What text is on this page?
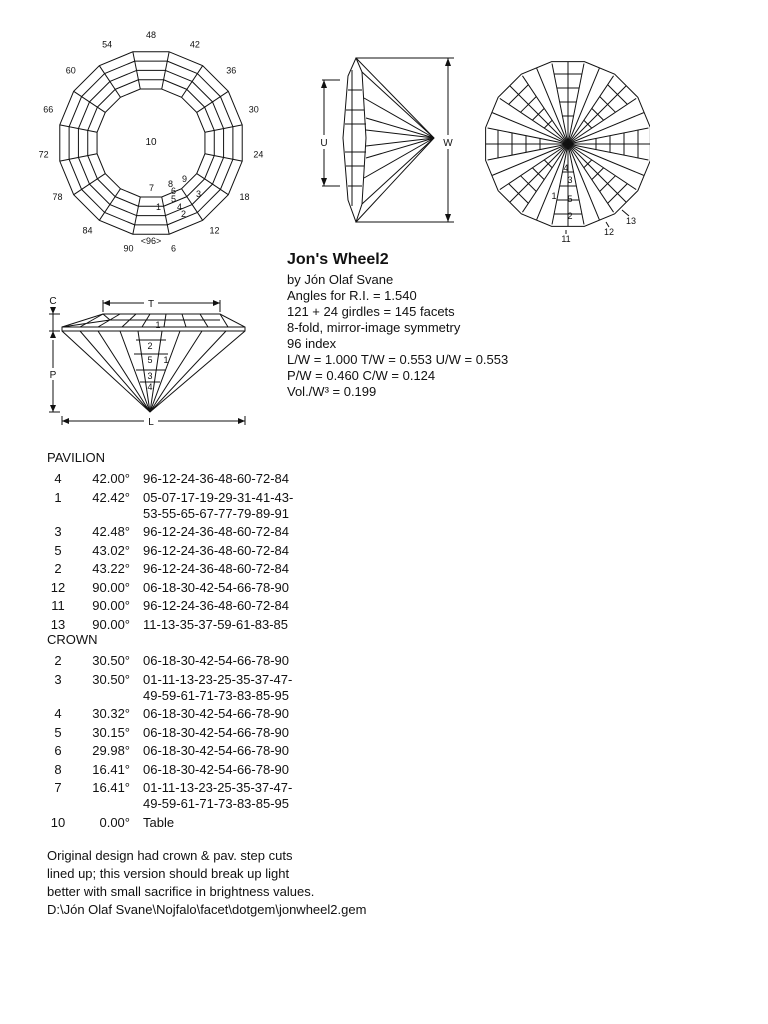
48
42
36
30
24
18
12
6
90
84
78
72
66
60
54
10
<96>
9
8
7 6
5
4
3
2
1
U	W
4
3
1 5
2
11
12
13
T
C
P
L
1
2
5 1
3
4
Jon's Wheel2
by Jón Olaf Svane
Angles for R.I. = 1.540
121 + 24 girdles = 145 facets
8-fold, mirror-image symmetry
96 index
L/W = 1.000 T/W = 0.553 U/W = 0.553
P/W = 0.460 C/W = 0.124
Vol./W³ = 0.199
PAVILION
4	42.00° 96-12-24-36-48-60-72-84
1	42.42° 05-07-17-19-29-31-41-43-
53-55-65-67-77-79-89-91
3	42.48° 96-12-24-36-48-60-72-84
5	43.02° 96-12-24-36-48-60-72-84
2	43.22° 96-12-24-36-48-60-72-84
12	90.00° 06-18-30-42-54-66-78-90
11	90.00° 96-12-24-36-48-60-72-84
13	90.00° 11-13-35-37-59-61-83-85
CROWN
2	30.50° 06-18-30-42-54-66-78-90
3	30.50° 01-11-13-23-25-35-37-47-
49-59-61-71-73-83-85-95
4	30.32° 06-18-30-42-54-66-78-90
5	30.15° 06-18-30-42-54-66-78-90
6	29.98° 06-18-30-42-54-66-78-90
8	16.41° 06-18-30-42-54-66-78-90
7	16.41° 01-11-13-23-25-35-37-47-
49-59-61-71-73-83-85-95
10	0.00° Table
Original design had crown & pav. step cuts
lined up; this version should break up light
better with small sacrifice in brightness values.
D:\Jón Olaf Svane\Nojfalo\facet\dotgem\jonwheel2.gem
